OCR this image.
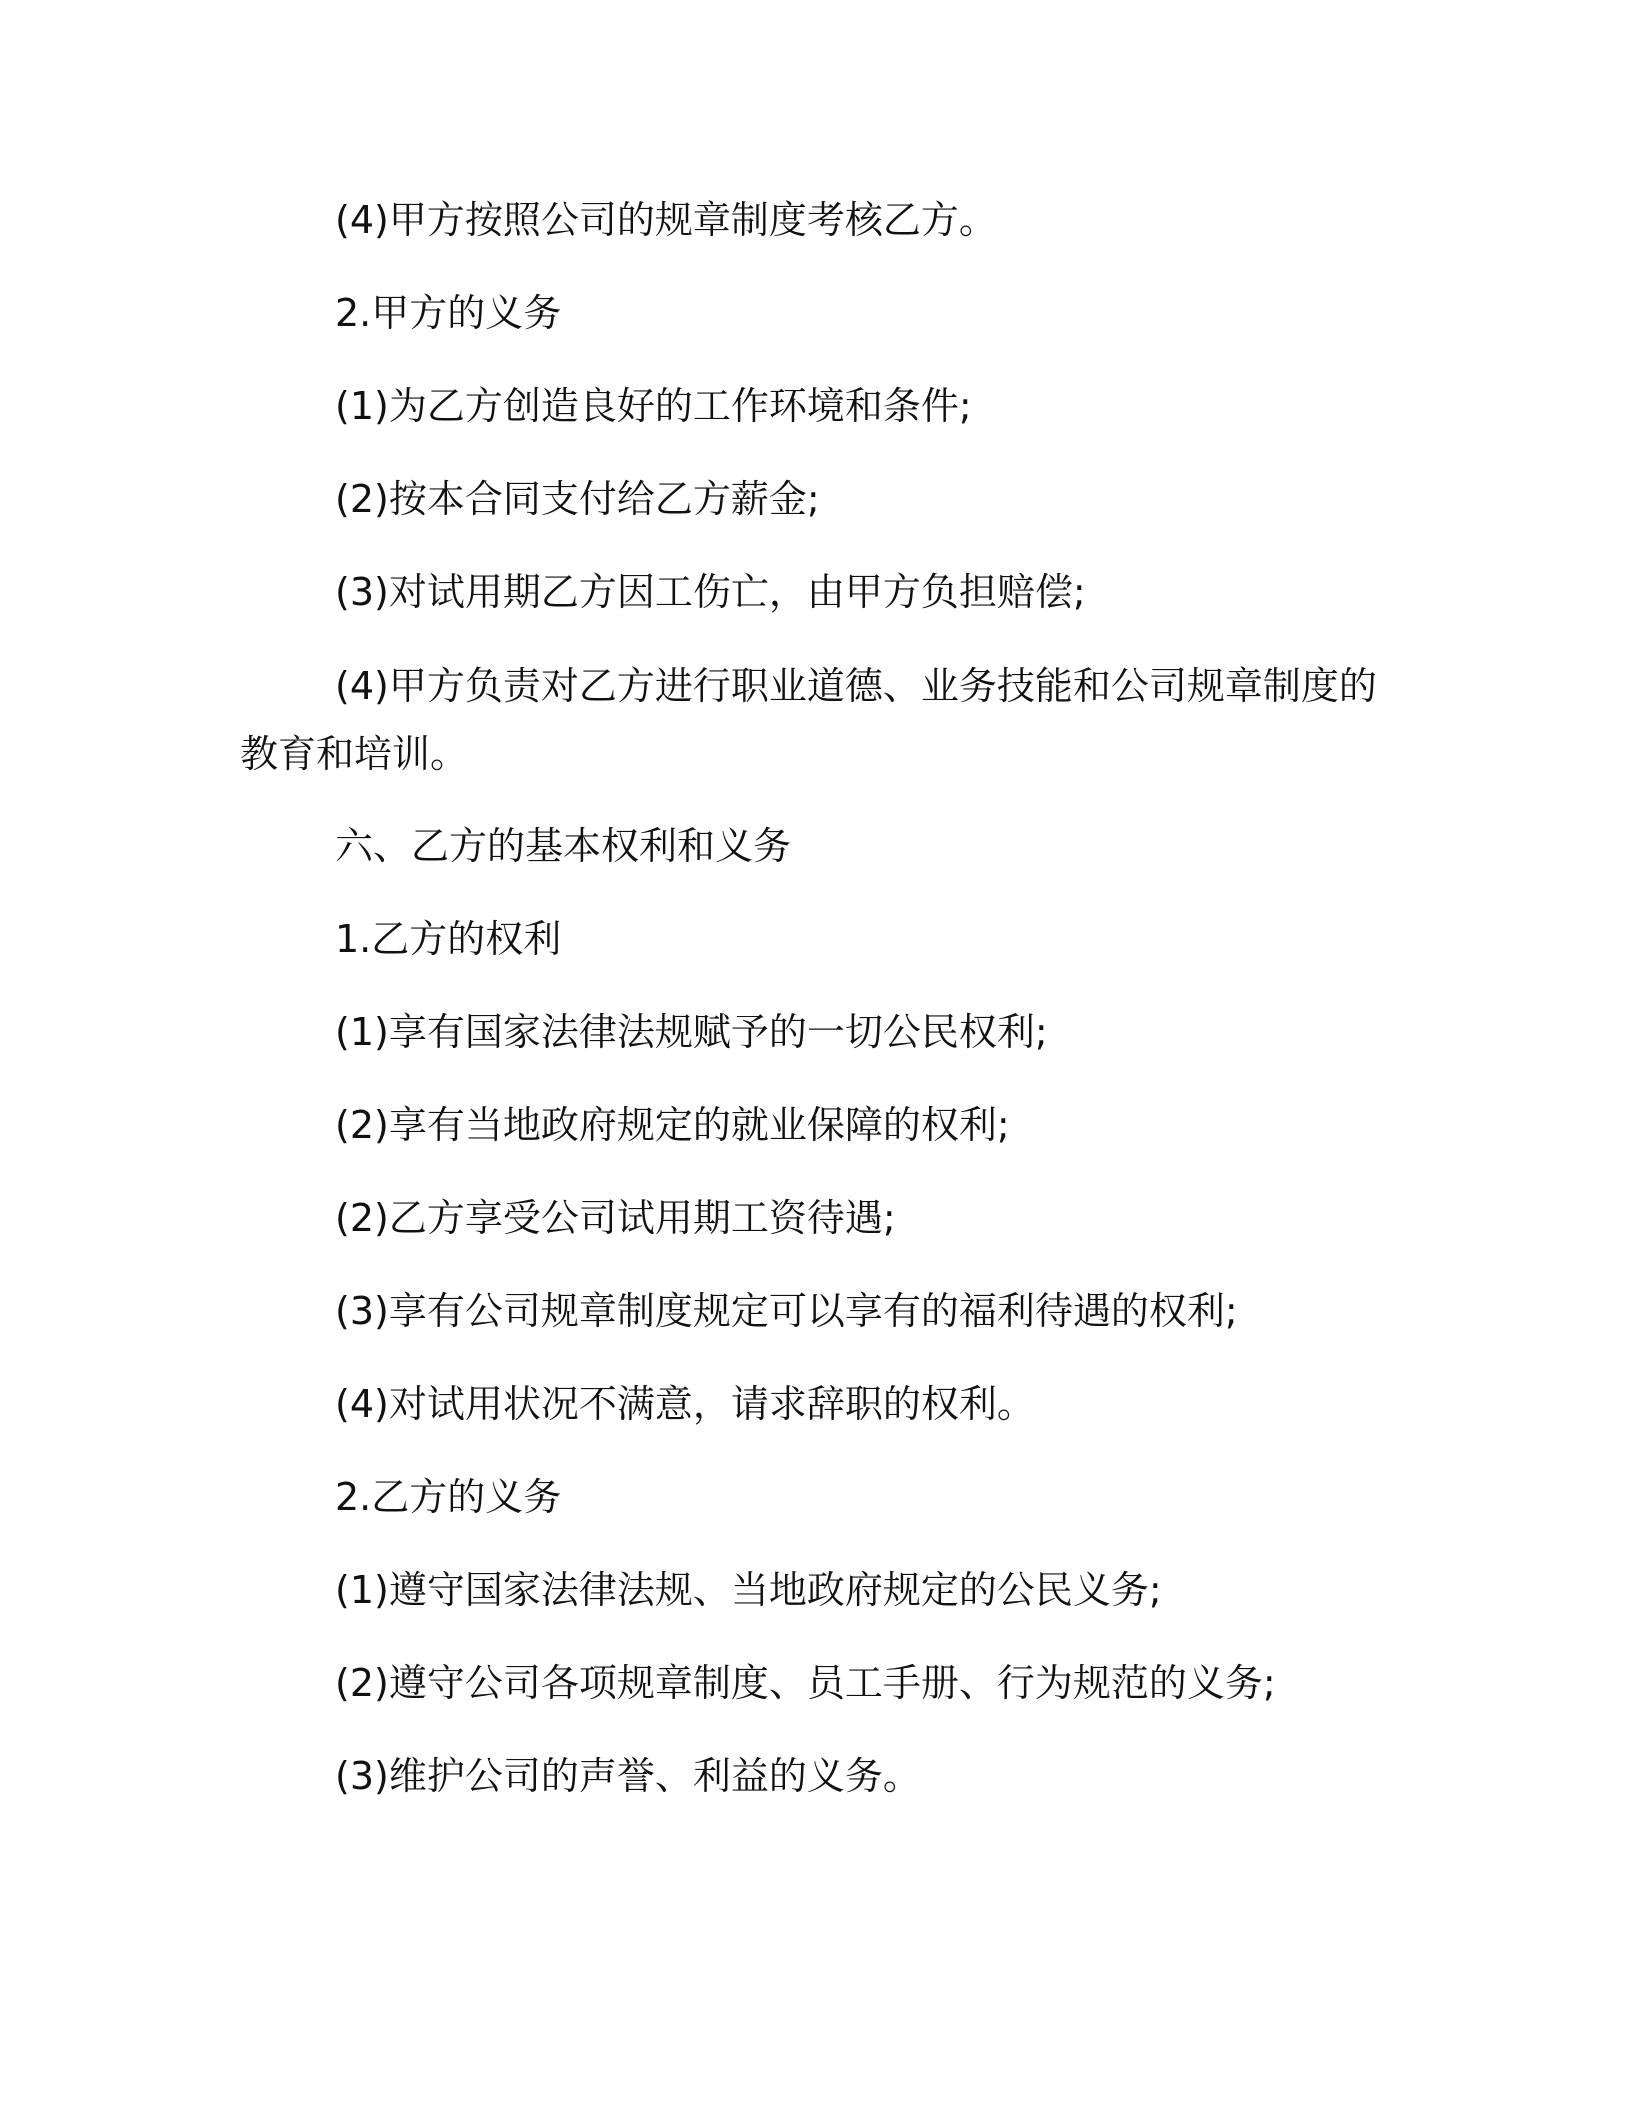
(4)甲方按照公司的规章制度考核乙方。

2.甲方的义务

(1)为乙方创造良好的工作环境和条件;

(2)按本合同支付给乙方薪金;

(3)对试用期乙方因工伤亡，由甲方负担赔偿;

(4)甲方负责对乙方进行职业道德、业务技能和公司规章制度的教育和培训。

六、乙方的基本权利和义务

1.乙方的权利

(1)享有国家法律法规赋予的一切公民权利;

(2)享有当地政府规定的就业保障的权利;

(2)乙方享受公司试用期工资待遇;

(3)享有公司规章制度规定可以享有的福利待遇的权利;

(4)对试用状况不满意，请求辞职的权利。

2.乙方的义务

(1)遵守国家法律法规、当地政府规定的公民义务;

(2)遵守公司各项规章制度、员工手册、行为规范的义务;

(3)维护公司的声誉、利益的义务。
